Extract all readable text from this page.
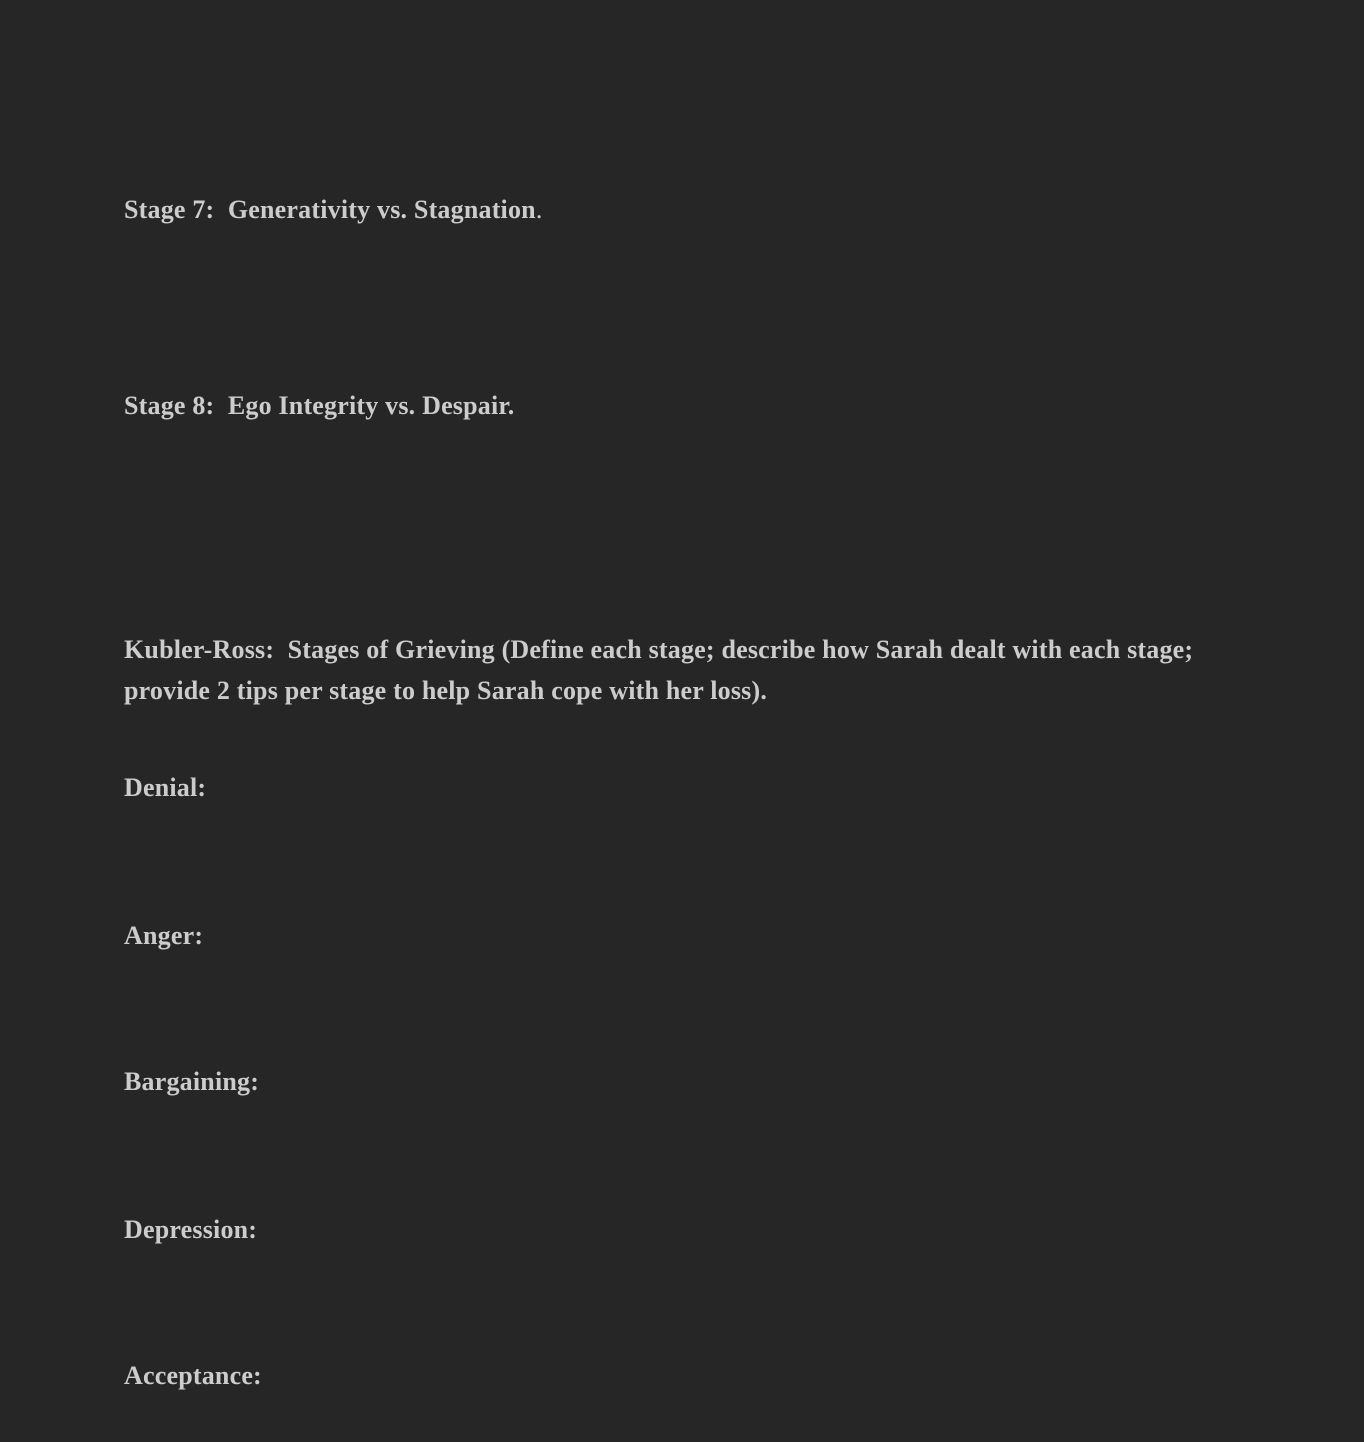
Stage 7: Generativity vs. Stagnation.

Stage 8: Ego Integrity vs. Despair.

Kubler-Ross: Stages of Grieving (Define each stage; describe how Sarah dealt with each stage; provide 2 tips per stage to help Sarah cope with her loss).

Denial:

Anger:

Bargaining:

Depression:

Acceptance:
